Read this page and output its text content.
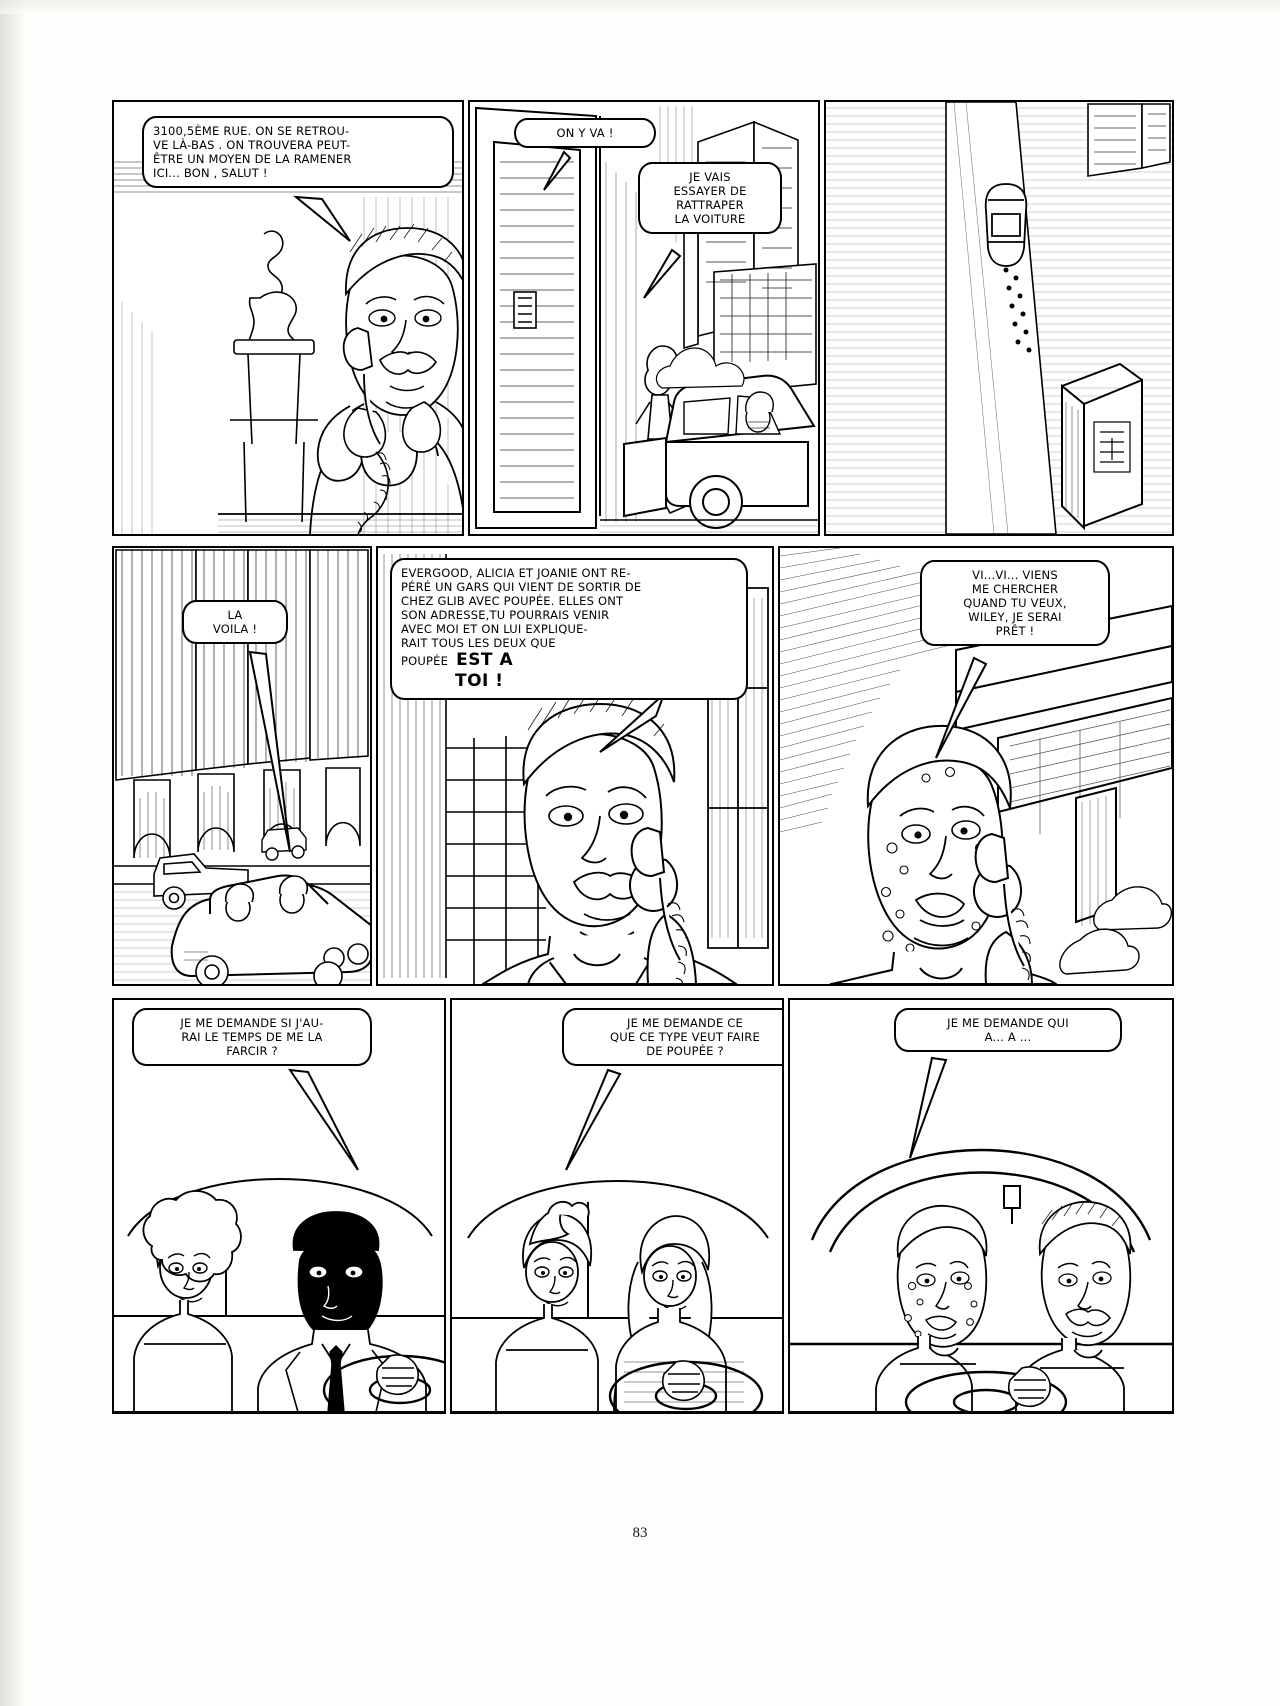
3100,5ÈME RUE. ON SE RETROU-
VE LÀ-BAS . ON TROUVERA PEUT-
ÊTRE UN MOYEN DE LA RAMENER
ICI... BON , SALUT !
ON Y VA !
JE VAIS
ESSAYER DE
RATTRAPER
LA VOITURE
LA
VOILA !
EVERGOOD, ALICIA ET JOANIE ONT RE-
PÉRÉ UN GARS QUI VIENT DE SORTIR DE
CHEZ GLIB AVEC POUPÉE. ELLES ONT
SON ADRESSE,TU POURRAIS VENIR
AVEC MOI ET ON LUI EXPLIQUE-
RAIT TOUS LES DEUX QUE
POUPÉE EST A
TOI !
VI...VI... VIENS
ME CHERCHER
QUAND TU VEUX,
WILEY, JE SERAI
PRÊT !
JE ME DEMANDE SI J'AU-
RAI LE TEMPS DE ME LA
FARCIR ?
JE ME DEMANDE CE
QUE CE TYPE VEUT FAIRE
DE POUPÉE ?
JE ME DEMANDE QUI
A... A ...
83
